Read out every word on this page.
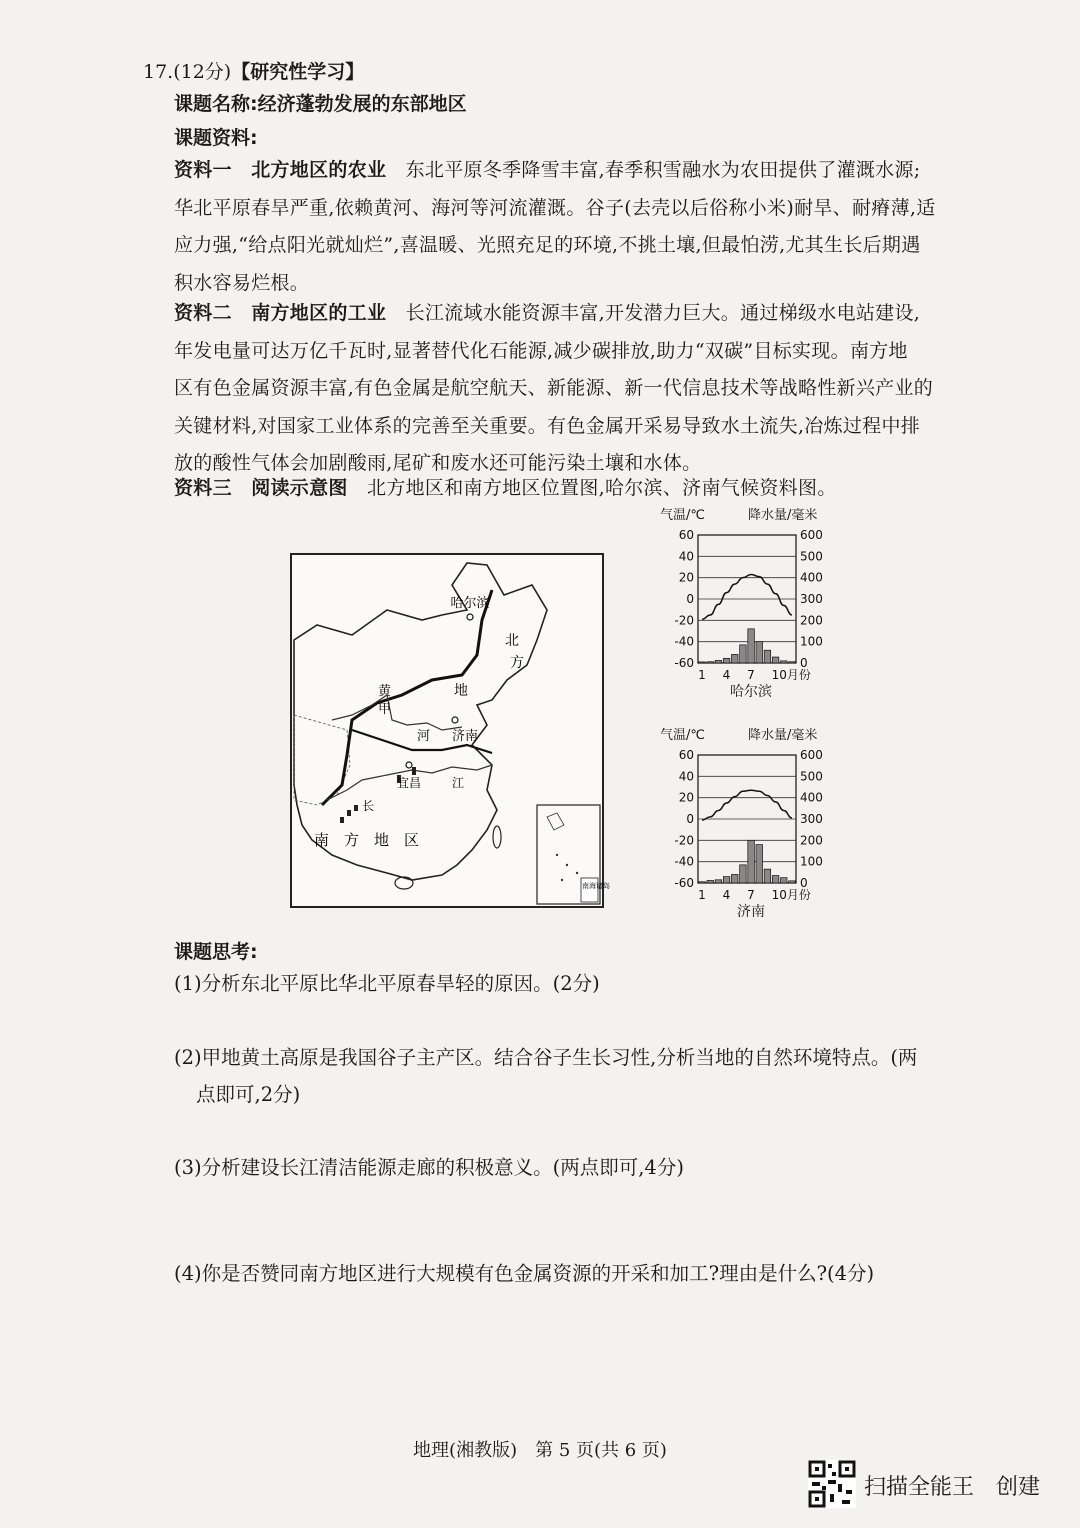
17.(12分)【研究性学习】
课题名称:经济蓬勃发展的东部地区
课题资料:
资料一　北方地区的农业　 东北平原冬季降雪丰富,春季积雪融水为农田提供了灌溉水源;
华北平原春旱严重,依赖黄河、海河等河流灌溉。谷子(去壳以后俗称小米)耐旱、耐瘠薄,适
应力强,“给点阳光就灿烂”,喜温暖、光照充足的环境,不挑土壤,但最怕涝,尤其生长后期遇
积水容易烂根。
资料二　南方地区的工业　 长江流域水能资源丰富,开发潜力巨大。通过梯级水电站建设,
年发电量可达万亿千瓦时,显著替代化石能源,减少碳排放,助力“双碳”目标实现。南方地
区有色金属资源丰富,有色金属是航空航天、新能源、新一代信息技术等战略性新兴产业的
关键材料,对国家工业体系的完善至关重要。有色金属开采易导致水土流失,冶炼过程中排
放的酸性气体会加剧酸雨,尾矿和废水还可能污染土壤和水体。
资料三　阅读示意图　 北方地区和南方地区位置图,哈尔滨、济南气候资料图。
哈尔滨
北
方
地
黄
甲
河 济南
宜昌	江
长
南　方　地　区
南海诸岛
气温/℃	降水量/毫米
60
40
20
0
-20
-40
-60
600
500
400
300
200
100
0
1 4 7 10月份
哈尔滨
气温/℃	降水量/毫米
60
40
20
0
-20
-40
-60
600
500
400
300
200
100
0
1 4 7 10月份
济南
课题思考:
(1)分析东北平原比华北平原春旱轻的原因。(2分)
(2)甲地黄土高原是我国谷子主产区。结合谷子生长习性,分析当地的自然环境特点。(两
点即可,2分)
(3)分析建设长江清洁能源走廊的积极意义。(两点即可,4分)
(4)你是否赞同南方地区进行大规模有色金属资源的开采和加工?理由是什么?(4分)
地理(湘教版)　第 5 页(共 6 页)
扫描全能王　创建
